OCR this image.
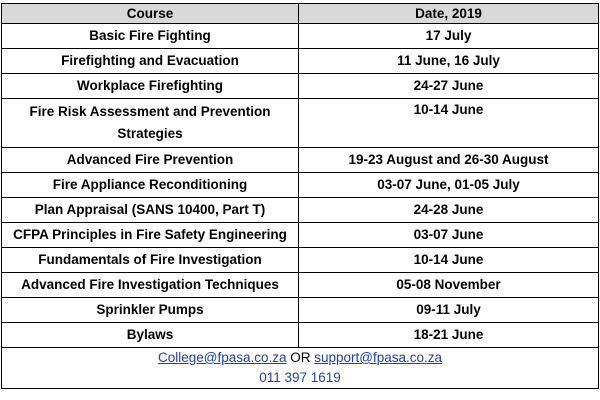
Course	Date, 2019
Basic Fire Fighting	17 July
Firefighting and Evacuation	11 June, 16 July
Workplace Firefighting	24-27 June
Fire Risk Assessment and Prevention Strategies	10-14 June
Advanced Fire Prevention	19-23 August and 26-30 August
Fire Appliance Reconditioning	03-07 June, 01-05 July
Plan Appraisal (SANS 10400, Part T)	24-28 June
CFPA Principles in Fire Safety Engineering	03-07 June
Fundamentals of Fire Investigation	10-14 June
Advanced Fire Investigation Techniques	05-08 November
Sprinkler Pumps	09-11 July
Bylaws	18-21 June

College@fpasa.co.za OR support@fpasa.co.za
011 397 1619	
